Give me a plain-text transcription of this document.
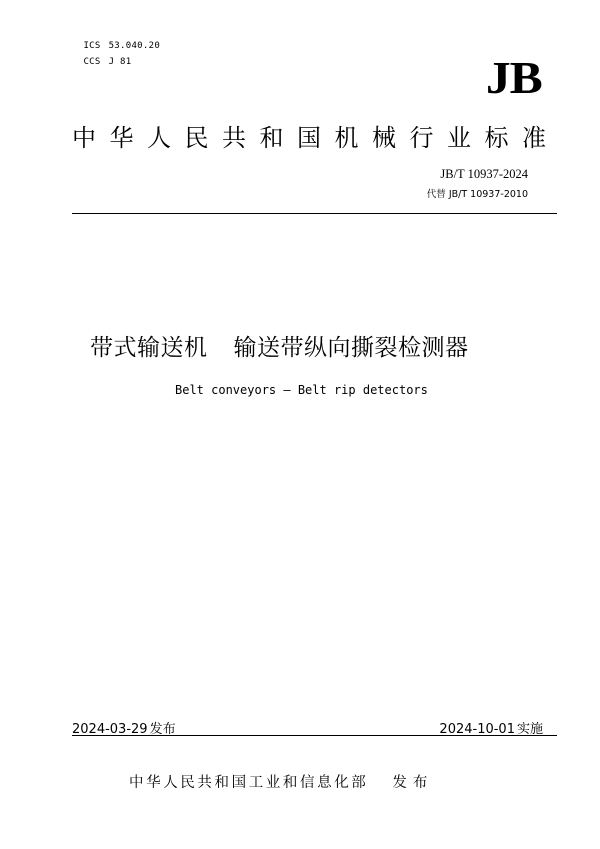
ICS 53.040.20

CCS J 81	JB
中华人民共和国机械行业标准
JB/T 10937-2024
代替 JB/T 10937-2010
带式输送机 输送带纵向撕裂检测器
Belt conveyors — Belt rip detectors
2024-03-29 发布	2024-10-01 实施
中华人民共和国工业和信息化部 发布
